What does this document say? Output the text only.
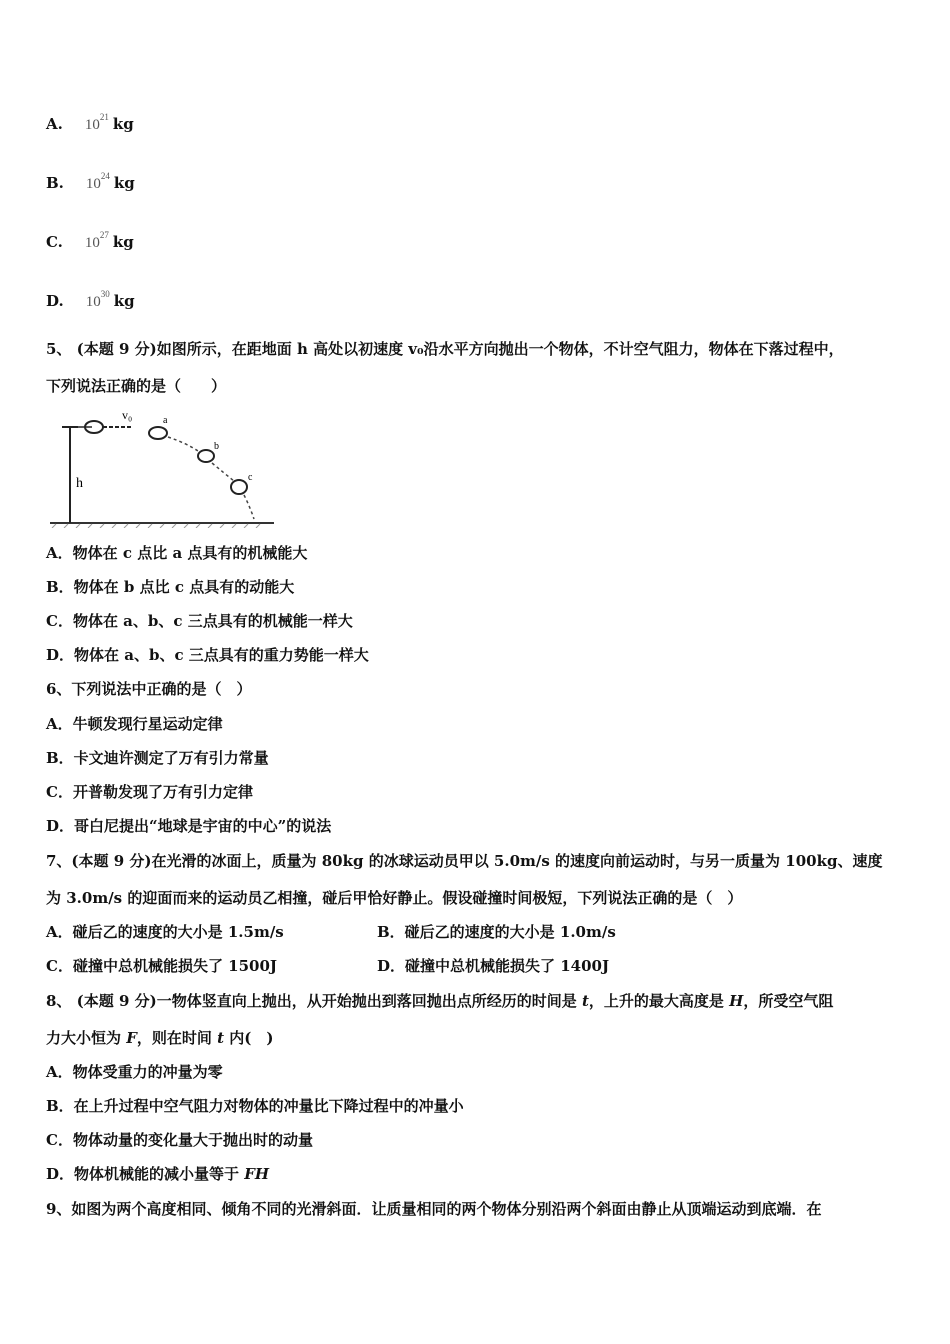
A. $10^{21}$ kg
B. $10^{24}$ kg
C. $10^{27}$ kg
D. $10^{30}$ kg
5、 (本题 9 分)如图所示，在距地面 h 高处以初速度 v₀沿水平方向抛出一个物体，不计空气阻力，物体在下落过程中，
下列说法正确的是（　　）
h
v₀	a
b
c
A．物体在 c 点比 a 点具有的机械能大
B．物体在 b 点比 c 点具有的动能大
C．物体在 a、b、c 三点具有的机械能一样大
D．物体在 a、b、c 三点具有的重力势能一样大
6、下列说法中正确的是（　）
A．牛顿发现行星运动定律
B．卡文迪许测定了万有引力常量
C．开普勒发现了万有引力定律
D．哥白尼提出“地球是宇宙的中心”的说法
7、(本题 9 分)在光滑的冰面上，质量为 80kg 的冰球运动员甲以 5.0m/s 的速度向前运动时，与另一质量为 100kg、速度
为 3.0m/s 的迎面而来的运动员乙相撞，碰后甲恰好静止。假设碰撞时间极短，下列说法正确的是（　）
A．碰后乙的速度的大小是 1.5m/s	B．碰后乙的速度的大小是 1.0m/s
C．碰撞中总机械能损失了 1500J	D．碰撞中总机械能损失了 1400J
8、 (本题 9 分)一物体竖直向上抛出，从开始抛出到落回抛出点所经历的时间是 t，上升的最大高度是 H，所受空气阻
力大小恒为 F，则在时间 t 内(　)
A．物体受重力的冲量为零
B．在上升过程中空气阻力对物体的冲量比下降过程中的冲量小
C．物体动量的变化量大于抛出时的动量
D．物体机械能的减小量等于 FH
9、如图为两个高度相同、倾角不同的光滑斜面．让质量相同的两个物体分别沿两个斜面由静止从顶端运动到底端．在
